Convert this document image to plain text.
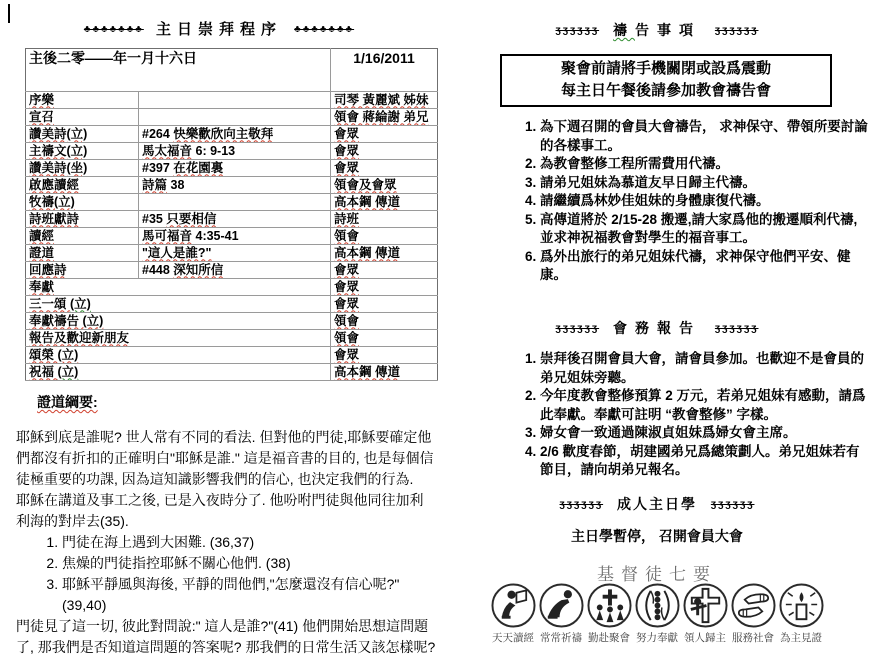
♣♣♣♣♣♣♣ 主日崇拜程序 ♣♣♣♣♣♣♣
主後二零——年一月十六日		1/16/2011
序樂		司琴 黃麗斌 姊妹
宣召		領會 蔣綸謝 弟兄
讚美詩(立)	#264 快樂歡欣向主敬拜	會眾
主禱文(立)	馬太福音 6: 9-13	會眾
讚美詩(坐)	#397 在花園裏	會眾
啟應讀經	詩篇 38	領會及會眾
牧禱(立)		高本鋼 傳道
詩班獻詩	#35 只要相信	詩班
讀經	馬可福音 4:35-41	領會
證道	"這人是誰?"	高本鋼 傳道
回應詩	#448 深知所信	會眾
奉獻		會眾
三一頌 (立)		會眾
奉獻禱告 (立)		領會
報告及歡迎新朋友		領會
頌榮 (立)		會眾
祝福 (立)		高本鋼 傳道
證道綱要:

耶穌到底是誰呢? 世人常有不同的看法. 但對他的門徒,耶穌要確定他們都沒有折扣的正確明白"耶穌是誰." 這是福音書的目的, 也是每個信徒極重要的功課, 因為這知識影響我們的信心, 也決定我們的行為.

耶穌在講道及事工之後, 已是入夜時分了. 他吩咐門徒與他同往加利利海的對岸去(35).

1. 門徒在海上遇到大困難. (36,37)
2. 焦燥的門徒指控耶穌不關心他們. (38)
3. 耶穌平靜風與海後, 平靜的問他們,"怎麼還沒有信心呢?"(39,40)

門徒見了這一切, 彼此對問說:" 這人是誰?"(41) 他們開始思想這問題了, 那我們是否知道這問題的答案呢? 那我們的日常生活又該怎樣呢?

ʒʒʒʒʒʒ 禱告事項 ʒʒʒʒʒʒ
聚會前請將手機關閉或設爲震動
每主日午餐後請參加教會禱告會
1. 為下週召開的會員大會禱告， 求神保守、帶領所要討論的各樣事工。
2. 為教會整修工程所需費用代禱。
3. 請弟兄姐妹為慕道友早日歸主代禱。
4. 請繼續爲林妙佳姐妹的身體康復代禱。
5. 高傳道將於 2/15-28 搬遷,請大家爲他的搬遷順利代禱, 並求神祝福教會對學生的福音事工。
6. 爲外出旅行的弟兄姐妹代禱，求神保守他們平安、健康。
ʒʒʒʒʒʒ 會務報告 ʒʒʒʒʒʒ
1. 崇拜後召開會員大會，請會員參加。也歡迎不是會員的弟兄姐妹旁聽。
2. 今年度教會整修預算 2 万元，若弟兄姐妹有感動，請爲此奉獻。奉獻可註明 “教會整修” 字樣。
3. 婦女會一致通過陳淑貞姐妹爲婦女會主席。
4. 2/6 歡度春節，胡建國弟兄爲總策劃人。弟兄姐妹若有節目，請向胡弟兄報名。
ʒʒʒʒʒʒ 成人主日學 ʒʒʒʒʒʒ
主日學暫停， 召開會員大會
基督徒七要
天天讀經 常常祈禱 勤赴聚會 努力奉獻 領人歸主 服務社會 為主見證
